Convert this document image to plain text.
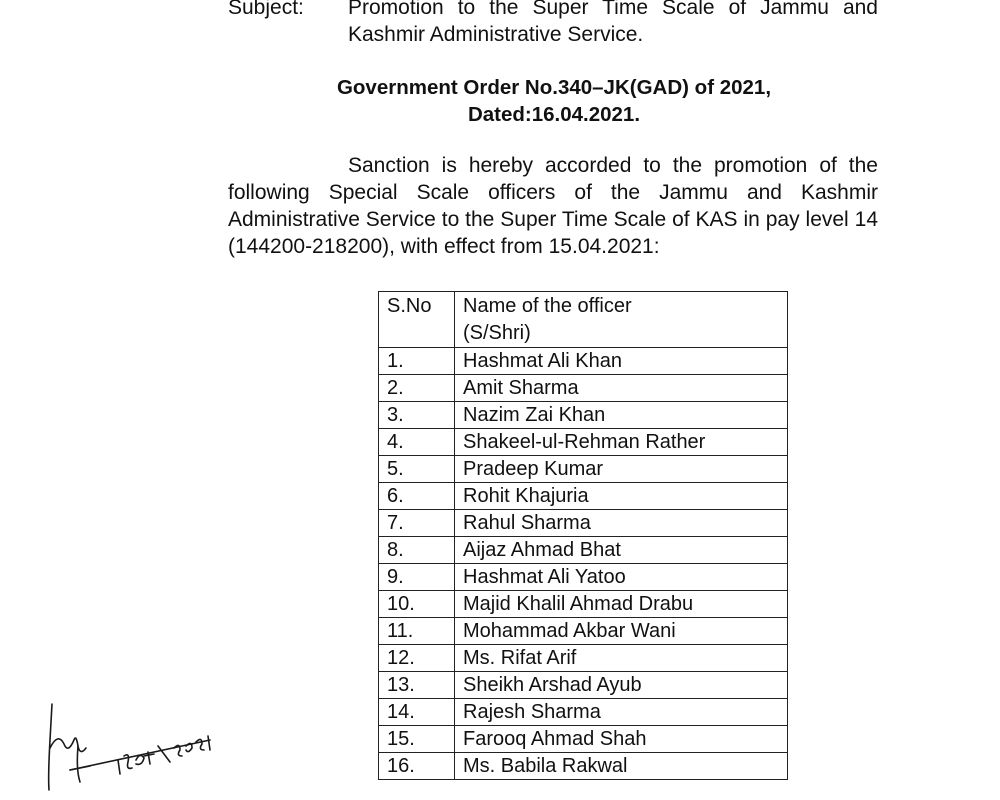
Subject: Promotion to the Super Time Scale of Jammu and Kashmir Administrative Service.
Government Order No.340–JK(GAD) of 2021,
Dated:16.04.2021.
Sanction is hereby accorded to the promotion of the following Special Scale officers of the Jammu and Kashmir Administrative Service to the Super Time Scale of KAS in pay level 14 (144200-218200), with effect from 15.04.2021:
S.No	Name of the officer
(S/Shri)

1.	Hashmat Ali Khan
2.	Amit Sharma
3.	Nazim Zai Khan
4.	Shakeel-ul-Rehman Rather
5.	Pradeep Kumar
6.	Rohit Khajuria
7.	Rahul Sharma
8.	Aijaz Ahmad Bhat
9.	Hashmat Ali Yatoo
10.	Majid Khalil Ahmad Drabu
11.	Mohammad Akbar Wani
12.	Ms. Rifat Arif
13.	Sheikh Arshad Ayub
14.	Rajesh Sharma
15.	Farooq Ahmad Shah
16.	Ms. Babila Rakwal
